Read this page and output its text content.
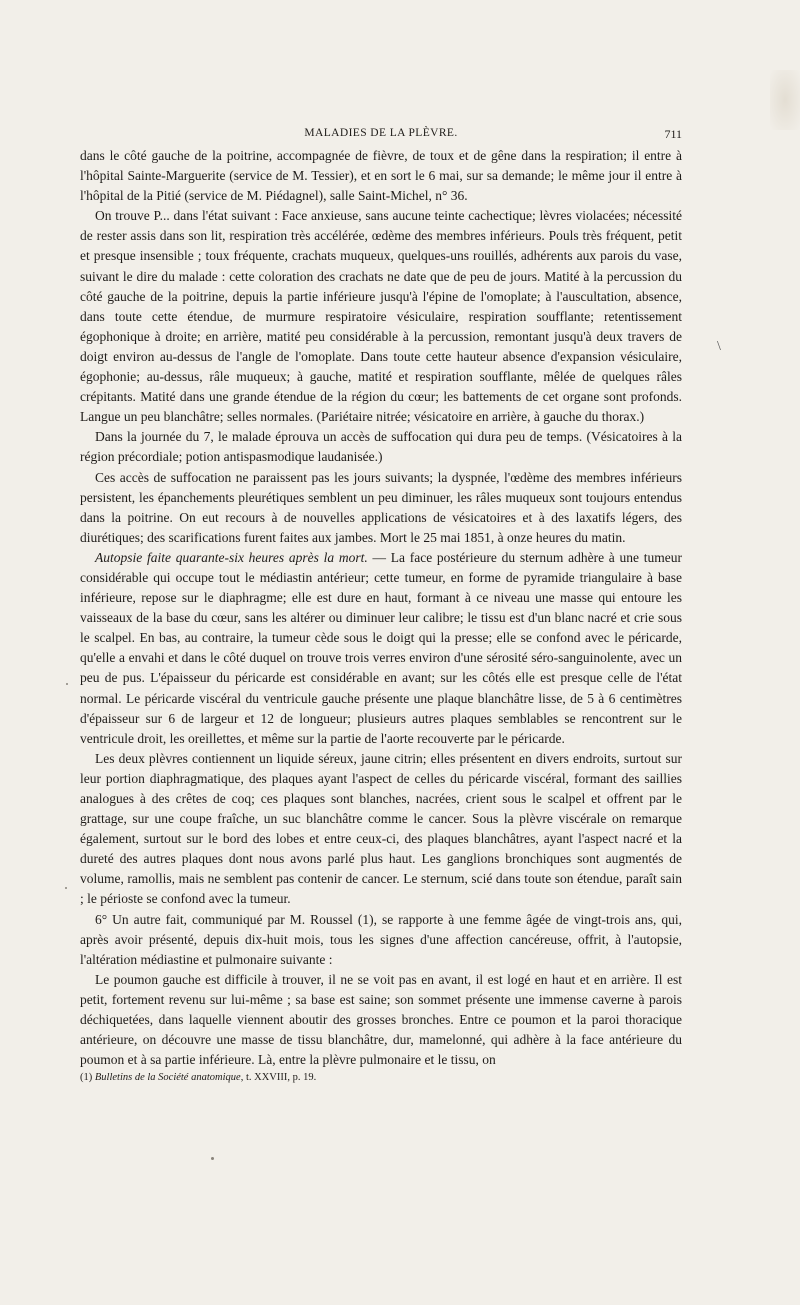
MALADIES DE LA PLÈVRE.	711

dans le côté gauche de la poitrine, accompagnée de fièvre, de toux et de gêne dans la respiration; il entre à l'hôpital Sainte-Marguerite (service de M. Tessier), et en sort le 6 mai, sur sa demande; le même jour il entre à l'hôpital de la Pitié (service de M. Piédagnel), salle Saint-Michel, n° 36.

On trouve P... dans l'état suivant : Face anxieuse, sans aucune teinte cachectique; lèvres violacées; nécessité de rester assis dans son lit, respiration très accélérée, œdème des membres inférieurs. Pouls très fréquent, petit et presque insensible ; toux fréquente, crachats muqueux, quelques-uns rouillés, adhérents aux parois du vase, suivant le dire du malade : cette coloration des crachats ne date que de peu de jours. Matité à la percussion du côté gauche de la poitrine, depuis la partie inférieure jusqu'à l'épine de l'omoplate; à l'auscultation, absence, dans toute cette étendue, de murmure respiratoire vésiculaire, respiration soufflante; retentissement égophonique à droite; en arrière, matité peu considérable à la percussion, remontant jusqu'à deux travers de doigt environ au-dessus de l'angle de l'omoplate. Dans toute cette hauteur absence d'expansion vésiculaire, égophonie; au-dessus, râle muqueux; à gauche, matité et respiration soufflante, mêlée de quelques râles crépitants. Matité dans une grande étendue de la région du cœur; les battements de cet organe sont profonds. Langue un peu blanchâtre; selles normales. (Pariétaire nitrée; vésicatoire en arrière, à gauche du thorax.)

Dans la journée du 7, le malade éprouva un accès de suffocation qui dura peu de temps. (Vésicatoires à la région précordiale; potion antispasmodique laudanisée.)

Ces accès de suffocation ne paraissent pas les jours suivants; la dyspnée, l'œdème des membres inférieurs persistent, les épanchements pleurétiques semblent un peu diminuer, les râles muqueux sont toujours entendus dans la poitrine. On eut recours à de nouvelles applications de vésicatoires et à des laxatifs légers, des diurétiques; des scarifications furent faites aux jambes. Mort le 25 mai 1851, à onze heures du matin.

Autopsie faite quarante-six heures après la mort. — La face postérieure du sternum adhère à une tumeur considérable qui occupe tout le médiastin antérieur; cette tumeur, en forme de pyramide triangulaire à base inférieure, repose sur le diaphragme; elle est dure en haut, formant à ce niveau une masse qui entoure les vaisseaux de la base du cœur, sans les altérer ou diminuer leur calibre; le tissu est d'un blanc nacré et crie sous le scalpel. En bas, au contraire, la tumeur cède sous le doigt qui la presse; elle se confond avec le péricarde, qu'elle a envahi et dans le côté duquel on trouve trois verres environ d'une sérosité séro-sanguinolente, avec un peu de pus. L'épaisseur du péricarde est considérable en avant; sur les côtés elle est presque celle de l'état normal. Le péricarde viscéral du ventricule gauche présente une plaque blanchâtre lisse, de 5 à 6 centimètres d'épaisseur sur 6 de largeur et 12 de longueur; plusieurs autres plaques semblables se rencontrent sur le ventricule droit, les oreillettes, et même sur la partie de l'aorte recouverte par le péricarde.

Les deux plèvres contiennent un liquide séreux, jaune citrin; elles présentent en divers endroits, surtout sur leur portion diaphragmatique, des plaques ayant l'aspect de celles du péricarde viscéral, formant des saillies analogues à des crêtes de coq; ces plaques sont blanches, nacrées, crient sous le scalpel et offrent par le grattage, sur une coupe fraîche, un suc blanchâtre comme le cancer. Sous la plèvre viscérale on remarque également, surtout sur le bord des lobes et entre ceux-ci, des plaques blanchâtres, ayant l'aspect nacré et la dureté des autres plaques dont nous avons parlé plus haut. Les ganglions bronchiques sont augmentés de volume, ramollis, mais ne semblent pas contenir de cancer. Le sternum, scié dans toute son étendue, paraît sain ; le périoste se confond avec la tumeur.

6° Un autre fait, communiqué par M. Roussel (1), se rapporte à une femme âgée de vingt-trois ans, qui, après avoir présenté, depuis dix-huit mois, tous les signes d'une affection cancéreuse, offrit, à l'autopsie, l'altération médiastine et pulmonaire suivante :

Le poumon gauche est difficile à trouver, il ne se voit pas en avant, il est logé en haut et en arrière. Il est petit, fortement revenu sur lui-même ; sa base est saine; son sommet présente une immense caverne à parois déchiquetées, dans laquelle viennent aboutir des grosses bronches. Entre ce poumon et la paroi thoracique antérieure, on découvre une masse de tissu blanchâtre, dur, mamelonné, qui adhère à la face antérieure du poumon et à sa partie inférieure. Là, entre la plèvre pulmonaire et le tissu, on

(1) Bulletins de la Société anatomique, t. XXVIII, p. 19.
\
